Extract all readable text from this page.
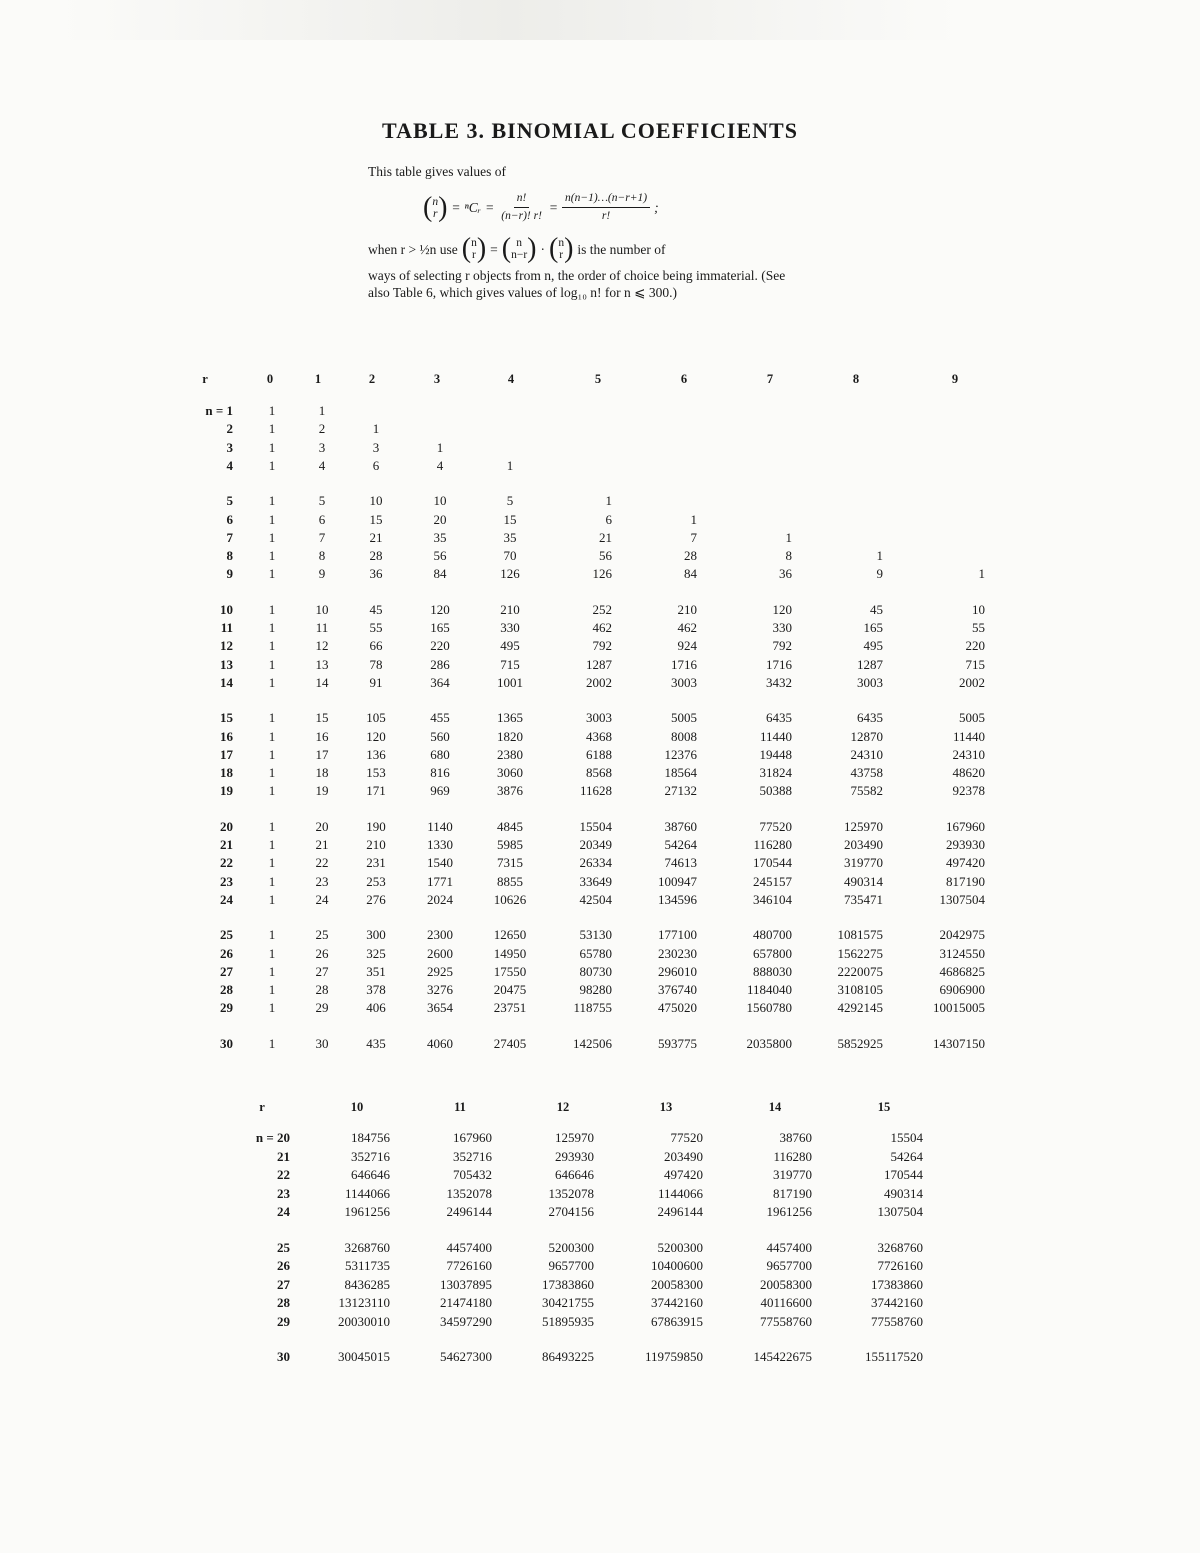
TABLE 3. BINOMIAL COEFFICIENTS

This table gives values of

( n
r ) = ⁿCᵣ = $\frac{n!}{(n-r)! r!} = \frac{n(n-1)\dots(n-r+1)}{r!}$ ;
when r > ½n use ( n
r ) = ( n
n−r ) · ( n
r ) is the number of

ways of selecting r objects from n, the order of choice being immaterial. (See also Table 6, which gives values of log₁₀ n! for n ⩽ 300.)

r	0	1	2	3	4	5	6	7	8	9
n = 1	1	1
2	1	2	1
3	1	3	3	1
4	1	4	6	4	1
5	1	5	10	10	5	1
6	1	6	15	20	15	6	1
7	1	7	21	35	35	21	7	1
8	1	8	28	56	70	56	28	8	1
9	1	9	36	84	126	126	84	36	9	1
10	1	10	45	120	210	252	210	120	45	10
11	1	11	55	165	330	462	462	330	165	55
12	1	12	66	220	495	792	924	792	495	220
13	1	13	78	286	715	1287	1716	1716	1287	715
14	1	14	91	364	1001	2002	3003	3432	3003	2002
15	1	15	105	455	1365	3003	5005	6435	6435	5005
16	1	16	120	560	1820	4368	8008	11440	12870	11440
17	1	17	136	680	2380	6188	12376	19448	24310	24310
18	1	18	153	816	3060	8568	18564	31824	43758	48620
19	1	19	171	969	3876	11628	27132	50388	75582	92378
20	1	20	190	1140	4845	15504	38760	77520	125970	167960
21	1	21	210	1330	5985	20349	54264	116280	203490	293930
22	1	22	231	1540	7315	26334	74613	170544	319770	497420
23	1	23	253	1771	8855	33649	100947	245157	490314	817190
24	1	24	276	2024	10626	42504	134596	346104	735471	1307504
25	1	25	300	2300	12650	53130	177100	480700	1081575	2042975
26	1	26	325	2600	14950	65780	230230	657800	1562275	3124550
27	1	27	351	2925	17550	80730	296010	888030	2220075	4686825
28	1	28	378	3276	20475	98280	376740	1184040	3108105	6906900
29	1	29	406	3654	23751	118755	475020	1560780	4292145	10015005
30	1	30	435	4060	27405	142506	593775	2035800	5852925	14307150
r	10	11	12	13	14	15
n = 20	184756	167960	125970	77520	38760	15504
21	352716	352716	293930	203490	116280	54264
22	646646	705432	646646	497420	319770	170544
23	1144066	1352078	1352078	1144066	817190	490314
24	1961256	2496144	2704156	2496144	1961256	1307504
25	3268760	4457400	5200300	5200300	4457400	3268760
26	5311735	7726160	9657700	10400600	9657700	7726160
27	8436285	13037895	17383860	20058300	20058300	17383860
28	13123110	21474180	30421755	37442160	40116600	37442160
29	20030010	34597290	51895935	67863915	77558760	77558760
30	30045015	54627300	86493225	119759850	145422675	155117520
